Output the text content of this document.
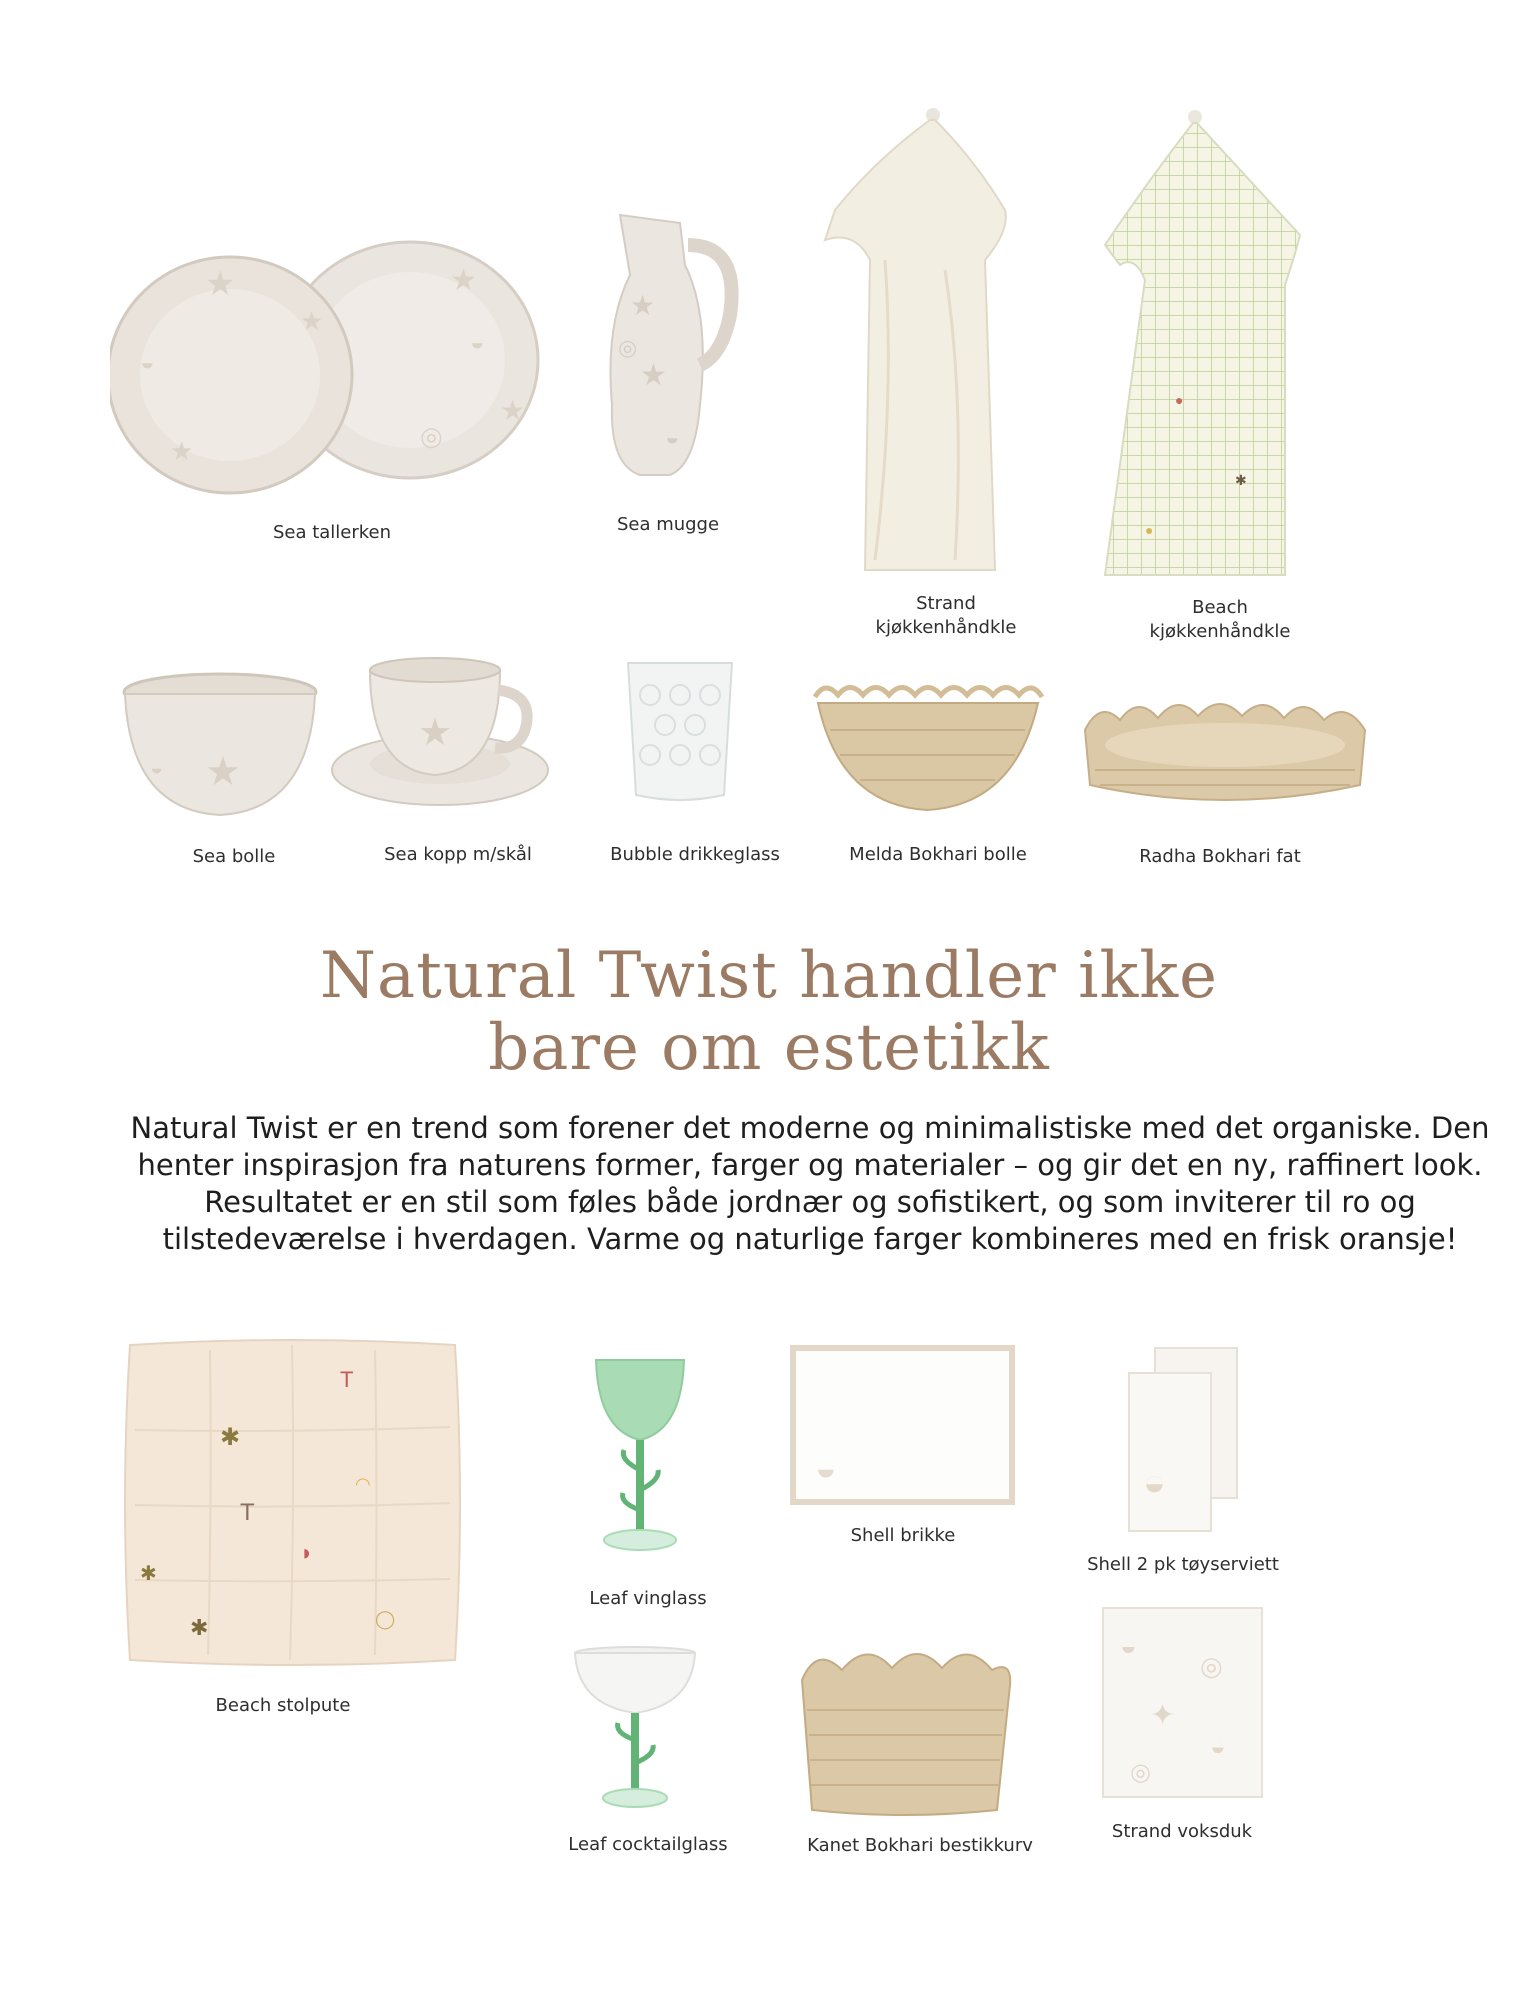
★
★
◒
★
★
★
◒
◎
Sea tallerken
★
★
◎
◒
Sea mugge
Strand
kjøkkenhåndkle
●
✱
●
Beach
kjøkkenhåndkle
★
◒
Sea bolle
★
Sea kopp m/skål	Bubble drikkeglass	Melda Bokhari bolle	Radha Bokhari fat
Natural Twist handler ikke
bare om estetikk
Natural Twist er en trend som forener det moderne og minimalistiske med det organiske. Den henter inspirasjon fra naturens former, farger og materialer – og gir det en ny, raffinert look. Resultatet er en stil som føles både jordnær og sofistikert, og som inviterer til ro og tilstedeværelse i hverdagen. Varme og naturlige farger kombineres med en frisk oransje!
✱
T
T
◠
◗
✱	◯
✱
Beach stolpute
Leaf vinglass
◒
Shell brikke
◒
Shell 2 pk tøyserviett
Leaf cocktailglass	Kanet Bokhari bestikkurv
◒
◎
✦
◒
◎
Strand voksduk
